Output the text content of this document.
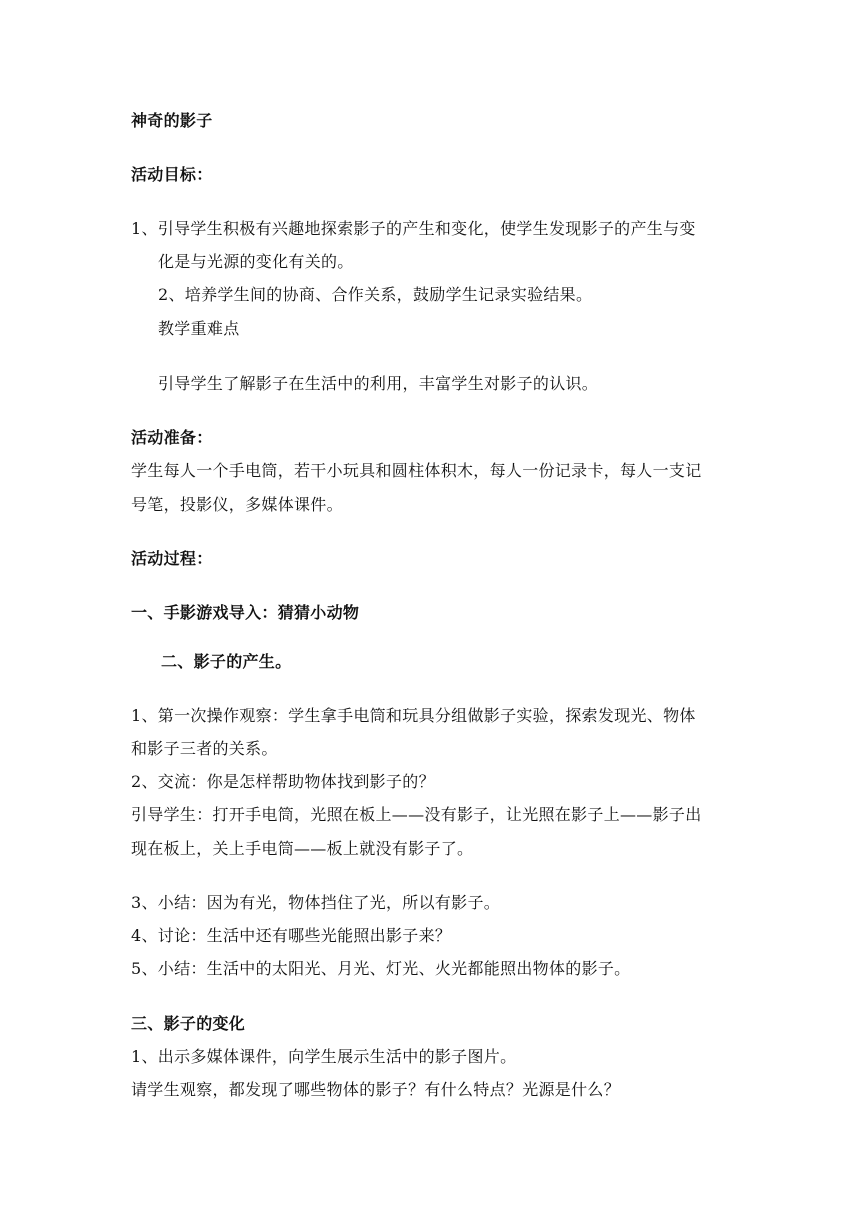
神奇的影子
活动目标：
1、引导学生积极有兴趣地探索影子的产生和变化，使学生发现影子的产生与变
化是与光源的变化有关的。
2、培养学生间的协商、合作关系，鼓励学生记录实验结果。
教学重难点
引导学生了解影子在生活中的利用，丰富学生对影子的认识。
活动准备：
学生每人一个手电筒，若干小玩具和圆柱体积木，每人一份记录卡，每人一支记
号笔，投影仪，多媒体课件。
活动过程：
一、手影游戏导入：猜猜小动物
二、影子的产生。
1、第一次操作观察：学生拿手电筒和玩具分组做影子实验，探索发现光、物体
和影子三者的关系。
2、交流：你是怎样帮助物体找到影子的？
引导学生：打开手电筒，光照在板上——没有影子，让光照在影子上——影子出
现在板上，关上手电筒——板上就没有影子了。
3、小结：因为有光，物体挡住了光，所以有影子。
4、讨论：生活中还有哪些光能照出影子来？
5、小结：生活中的太阳光、月光、灯光、火光都能照出物体的影子。
三、影子的变化
1、出示多媒体课件，向学生展示生活中的影子图片。
请学生观察，都发现了哪些物体的影子？有什么特点？光源是什么？
